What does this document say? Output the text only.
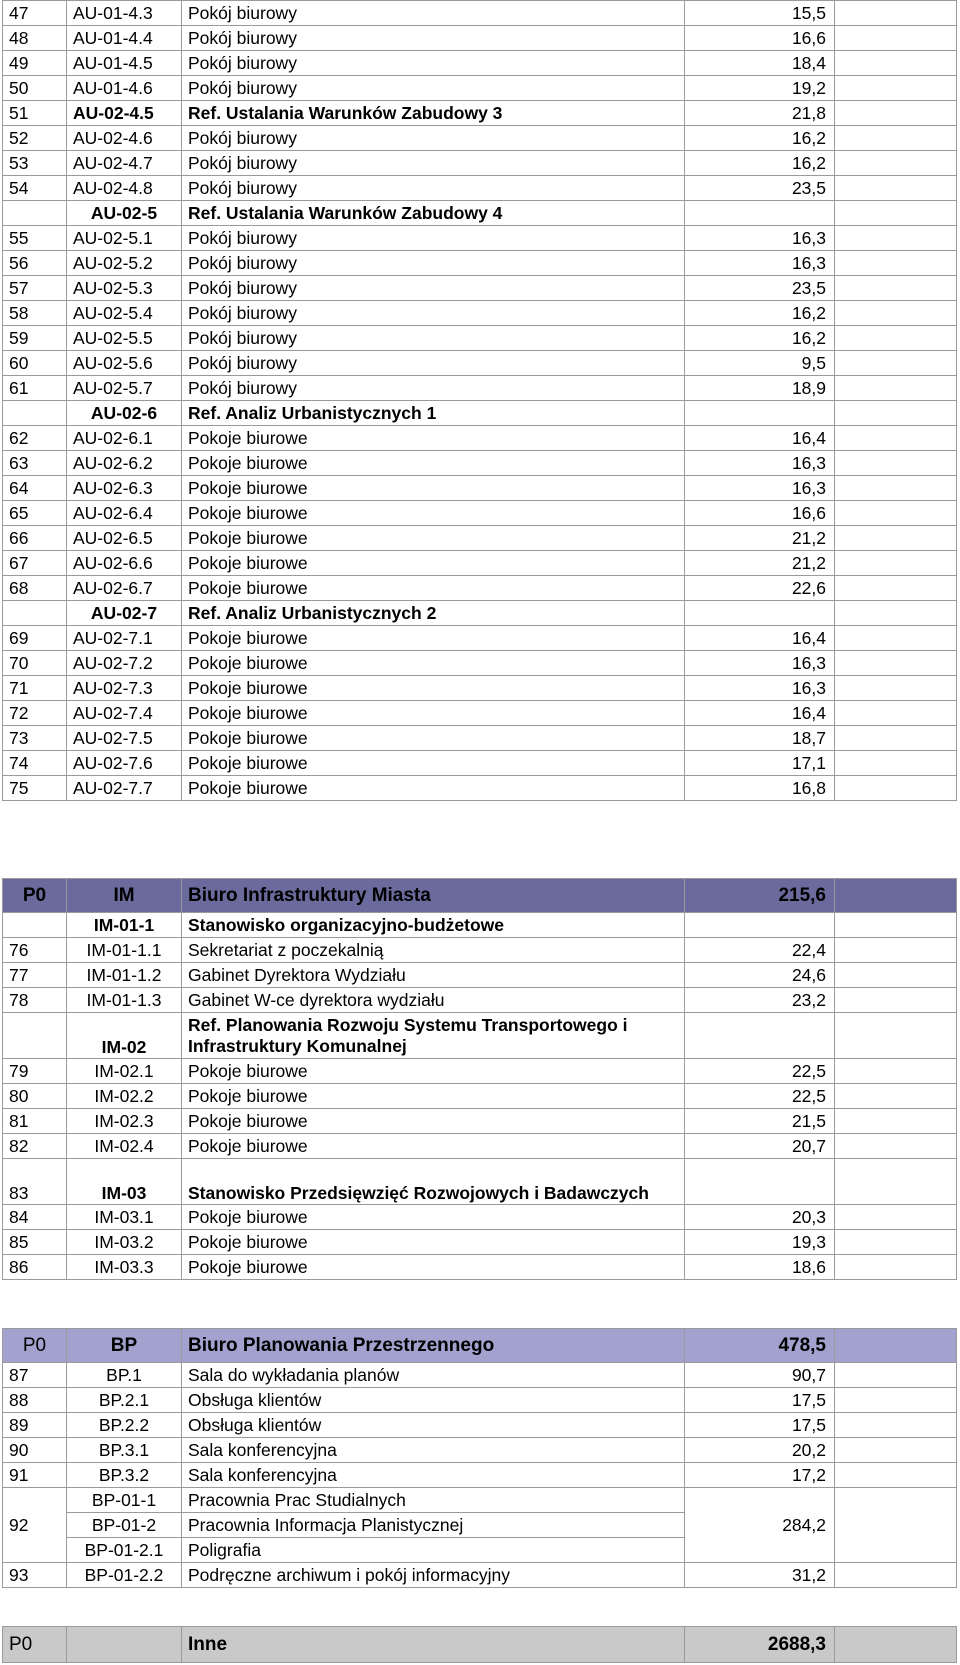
47	AU-01-4.3	Pokój biurowy	15,5	
48	AU-01-4.4	Pokój biurowy	16,6	
49	AU-01-4.5	Pokój biurowy	18,4	
50	AU-01-4.6	Pokój biurowy	19,2	
51	AU-02-4.5	Ref. Ustalania Warunków Zabudowy 3	21,8	
52	AU-02-4.6	Pokój biurowy	16,2	
53	AU-02-4.7	Pokój biurowy	16,2	
54	AU-02-4.8	Pokój biurowy	23,5	
	AU-02-5	Ref. Ustalania Warunków Zabudowy 4		
55	AU-02-5.1	Pokój biurowy	16,3	
56	AU-02-5.2	Pokój biurowy	16,3	
57	AU-02-5.3	Pokój biurowy	23,5	
58	AU-02-5.4	Pokój biurowy	16,2	
59	AU-02-5.5	Pokój biurowy	16,2	
60	AU-02-5.6	Pokój biurowy	9,5	
61	AU-02-5.7	Pokój biurowy	18,9	
	AU-02-6	Ref. Analiz Urbanistycznych 1		
62	AU-02-6.1	Pokoje biurowe	16,4	
63	AU-02-6.2	Pokoje biurowe	16,3	
64	AU-02-6.3	Pokoje biurowe	16,3	
65	AU-02-6.4	Pokoje biurowe	16,6	
66	AU-02-6.5	Pokoje biurowe	21,2	
67	AU-02-6.6	Pokoje biurowe	21,2	
68	AU-02-6.7	Pokoje biurowe	22,6	
	AU-02-7	Ref. Analiz Urbanistycznych 2		
69	AU-02-7.1	Pokoje biurowe	16,4	
70	AU-02-7.2	Pokoje biurowe	16,3	
71	AU-02-7.3	Pokoje biurowe	16,3	
72	AU-02-7.4	Pokoje biurowe	16,4	
73	AU-02-7.5	Pokoje biurowe	18,7	
74	AU-02-7.6	Pokoje biurowe	17,1	
75	AU-02-7.7	Pokoje biurowe	16,8	
P0	IM	Biuro Infrastruktury Miasta	215,6	
	IM-01-1	Stanowisko organizacyjno-budżetowe		
76	IM-01-1.1	Sekretariat z poczekalnią	22,4	
77	IM-01-1.2	Gabinet Dyrektora Wydziału	24,6	
78	IM-01-1.3	Gabinet W-ce dyrektora wydziału	23,2	
	IM-02	Ref. Planowania Rozwoju Systemu Transportowego i
Infrastruktury Komunalnej		
79	IM-02.1	Pokoje biurowe	22,5	
80	IM-02.2	Pokoje biurowe	22,5	
81	IM-02.3	Pokoje biurowe	21,5	
82	IM-02.4	Pokoje biurowe	20,7	
83	IM-03	Stanowisko Przedsięwzięć Rozwojowych i Badawczych		
84	IM-03.1	Pokoje biurowe	20,3	
85	IM-03.2	Pokoje biurowe	19,3	
86	IM-03.3	Pokoje biurowe	18,6	
P0	BP	Biuro Planowania Przestrzennego	478,5	
87	BP.1	Sala do wykładania planów	90,7	
88	BP.2.1	Obsługa klientów	17,5	
89	BP.2.2	Obsługa klientów	17,5	
90	BP.3.1	Sala konferencyjna	20,2	
91	BP.3.2	Sala konferencyjna	17,2	
92	BP-01-1	Pracownia Prac Studialnych	284,2	
	BP-01-2	Pracownia Informacja Planistycznej		
	BP-01-2.1	Poligrafia		
93	BP-01-2.2	Podręczne archiwum i pokój informacyjny	31,2	
P0		Inne	2688,3	
